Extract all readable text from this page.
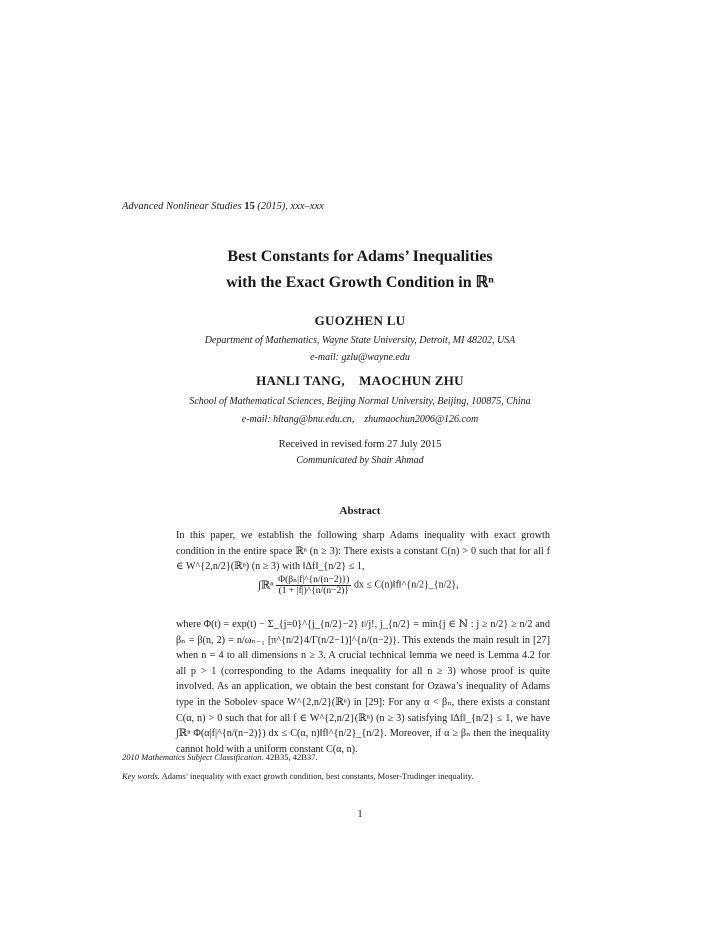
Advanced Nonlinear Studies 15 (2015), xxx–xxx
Best Constants for Adams’ Inequalities
with the Exact Growth Condition in ℝⁿ
GUOZHEN LU
Department of Mathematics, Wayne State University, Detroit, MI 48202, USA
e-mail: gzlu@wayne.edu
HANLI TANG,    MAOCHUN ZHU
School of Mathematical Sciences, Beijing Normal University, Beijing, 100875, China
e-mail: hltang@bnu.edu.cn,    zhumaochun2006@126.com
Received in revised form 27 July 2015
Communicated by Shair Ahmad
Abstract
In this paper, we establish the following sharp Adams inequality with exact growth condition in the entire space ℝⁿ (n ≥ 3): There exists a constant C(n) > 0 such that for all f ∈ W^{2,n/2}(ℝⁿ) (n ≥ 3) with ‖Δf‖_{n/2} ≤ 1,
∫ℝⁿ $\frac{\text{Φ(βₙ|f|\textasciicircum{}\{n/(n−2)\})}}{(1 + |f|)\^{}\{n/(n-2)\}}$ dx ≤ C(n)‖f‖^{n/2}_{n/2},
where Φ(t) = exp(t) − Σ_{j=0}^{j_{n/2}−2} tʲ/j!, j_{n/2} = min{j ∈ ℕ : j ≥ n/2} ≥ n/2 and βₙ = β(n, 2) = n/ωₙ₋₁ [π^{n/2}4/Γ(n/2−1)]^{n/(n−2)}. This extends the main result in [27] when n = 4 to all dimensions n ≥ 3. A crucial technical lemma we need is Lemma 4.2 for all p > 1 (corresponding to the Adams inequality for all n ≥ 3) whose proof is quite involved. As an application, we obtain the best constant for Ozawa’s inequality of Adams type in the Sobolev space W^{2,n/2}(ℝⁿ) in [29]: For any α < βₙ, there exists a constant C(α, n) > 0 such that for all f ∈ W^{2,n/2}(ℝⁿ) (n ≥ 3) satisfying ‖Δf‖_{n/2} ≤ 1, we have ∫ℝⁿ Φ(α|f|^{n/(n−2)}) dx ≤ C(α, n)‖f‖^{n/2}_{n/2}. Moreover, if α ≥ βₙ then the inequality cannot hold with a uniform constant C(α, n).
2010 Mathematics Subject Classification. 42B35, 42B37.
Key words. Adams’ inequality with exact growth condition, best constants, Moser-Trudinger inequality.
1
